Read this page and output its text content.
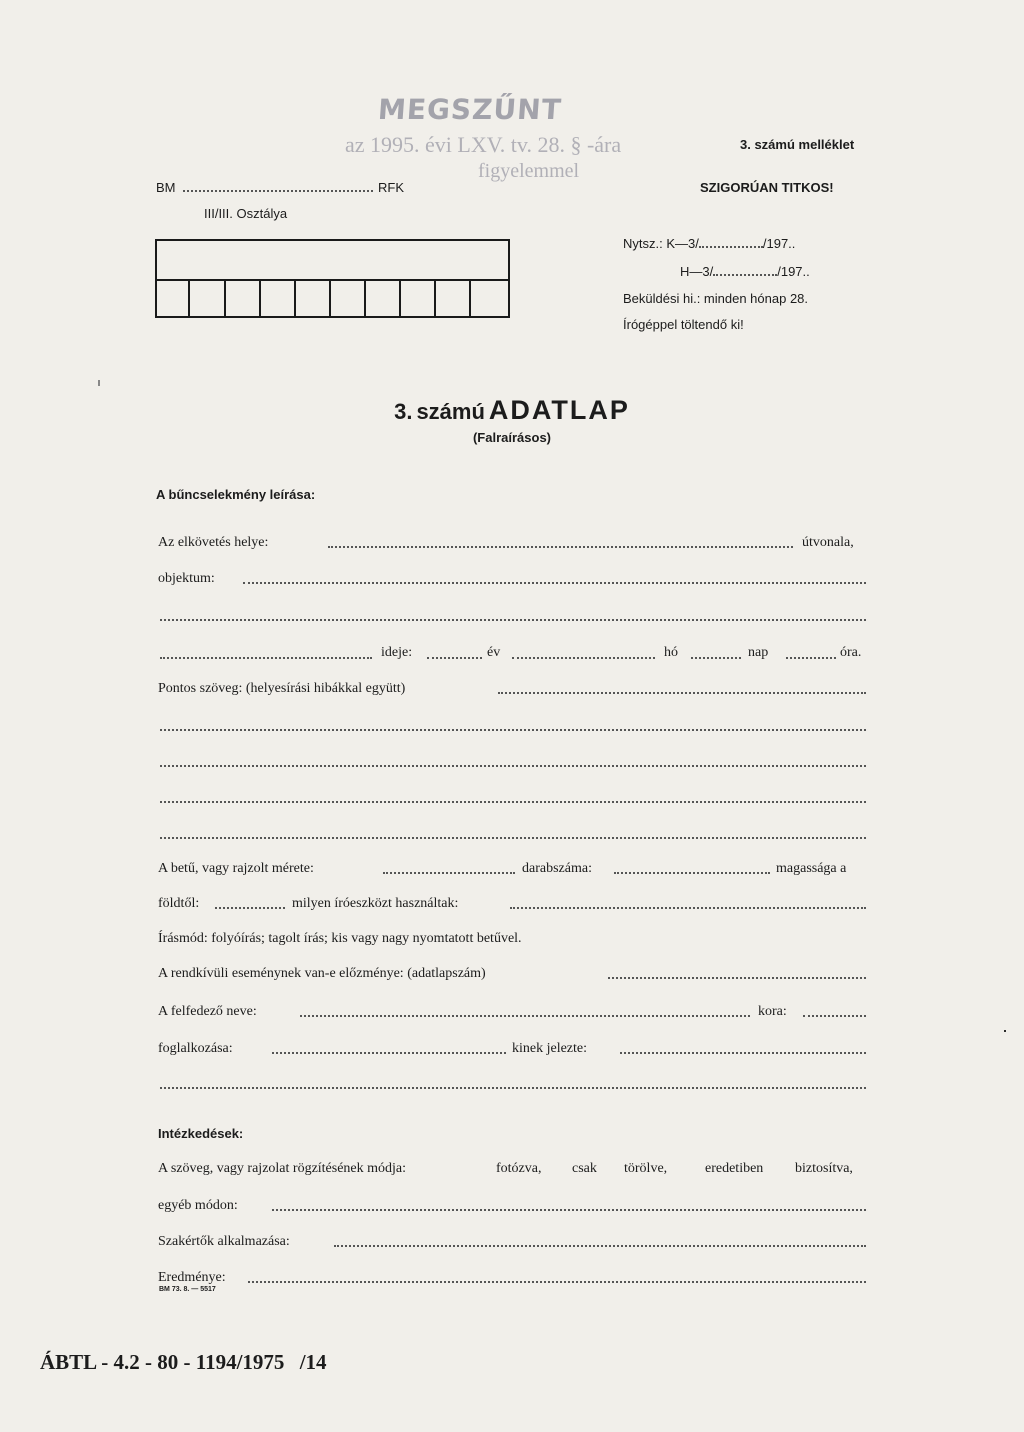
MEGSZŰNT
az 1995. évi LXV. tv. 28. § -ára
figyelemmel
3. számú melléklet
BM	RFK
III/III. Osztálya
SZIGORÚAN TITKOS!
Nytsz.: K—3/	/197..
H—3/	/197..
Beküldési hi.: minden hónap 28.
Írógéppel töltendő ki!
3. számú ADATLAP
(Falraírásos)
A bűncselekmény leírása:
Az elkövetés helye:	útvonala,
objektum:
ideje:	év	hó	nap	óra.
Pontos szöveg: (helyesírási hibákkal együtt)
A betű, vagy rajzolt mérete:	darabszáma:	magassága a
földtől:	milyen íróeszközt használtak:
Írásmód: folyóírás; tagolt írás; kis vagy nagy nyomtatott betűvel.
A rendkívüli eseménynek van-e előzménye: (adatlapszám)
A felfedező neve:	kora:
foglalkozása:	kinek jelezte:
Intézkedések:
A szöveg, vagy rajzolat rögzítésének módja:	fotózva, csak törölve,	eredetiben biztosítva,
egyéb módon:
Szakértők alkalmazása:
Eredménye:
BM 73. 8. — 5517
ÁBTL - 4.2 - 80 - 1194/1975 /14
